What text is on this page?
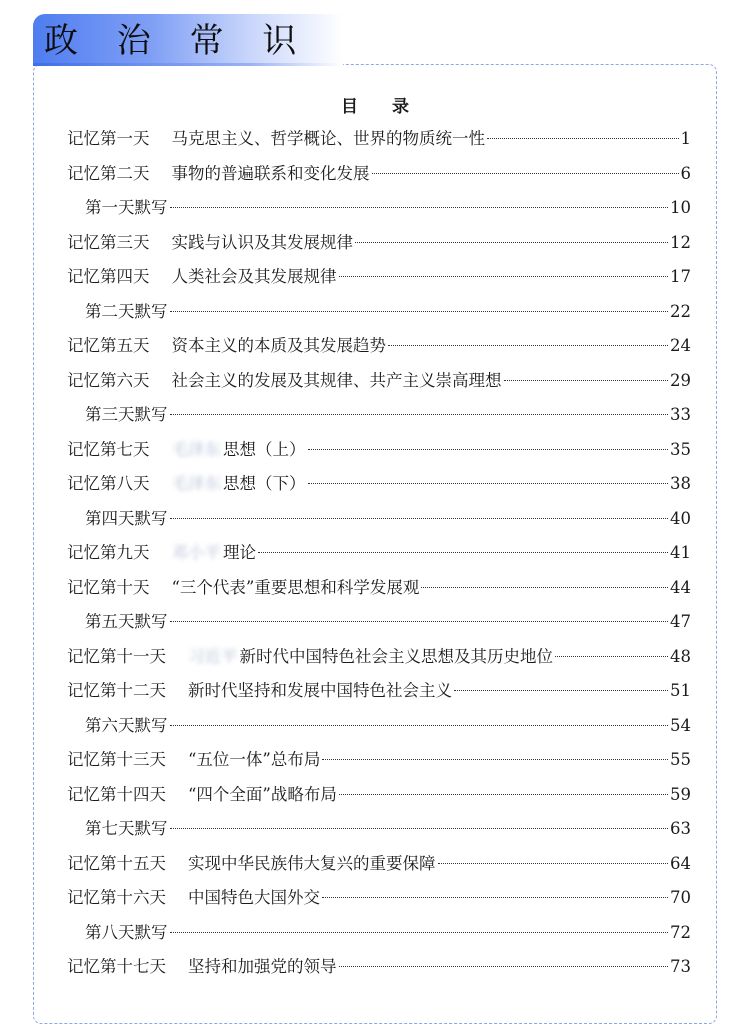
政 治 常 识
目 录
记忆第一天 马克思主义、哲学概论、世界的物质统一性	1
记忆第二天 事物的普遍联系和变化发展	6
第一天默写	10
记忆第三天 实践与认识及其发展规律	12
记忆第四天 人类社会及其发展规律	17
第二天默写	22
记忆第五天 资本主义的本质及其发展趋势	24
记忆第六天 社会主义的发展及其规律、共产主义崇高理想	29
第三天默写	33
记忆第七天 毛泽东 思想（上）	35
记忆第八天 毛泽东 思想（下）	38
第四天默写	40
记忆第九天 邓小平 理论	41
记忆第十天 “三个代表”重要思想和科学发展观	44
第五天默写	47
记忆第十一天 习近平 新时代中国特色社会主义思想及其历史地位	48
记忆第十二天 新时代坚持和发展中国特色社会主义	51
第六天默写	54
记忆第十三天 “五位一体”总布局	55
记忆第十四天 “四个全面”战略布局	59
第七天默写	63
记忆第十五天 实现中华民族伟大复兴的重要保障	64
记忆第十六天 中国特色大国外交	70
第八天默写	72
记忆第十七天 坚持和加强党的领导	73
